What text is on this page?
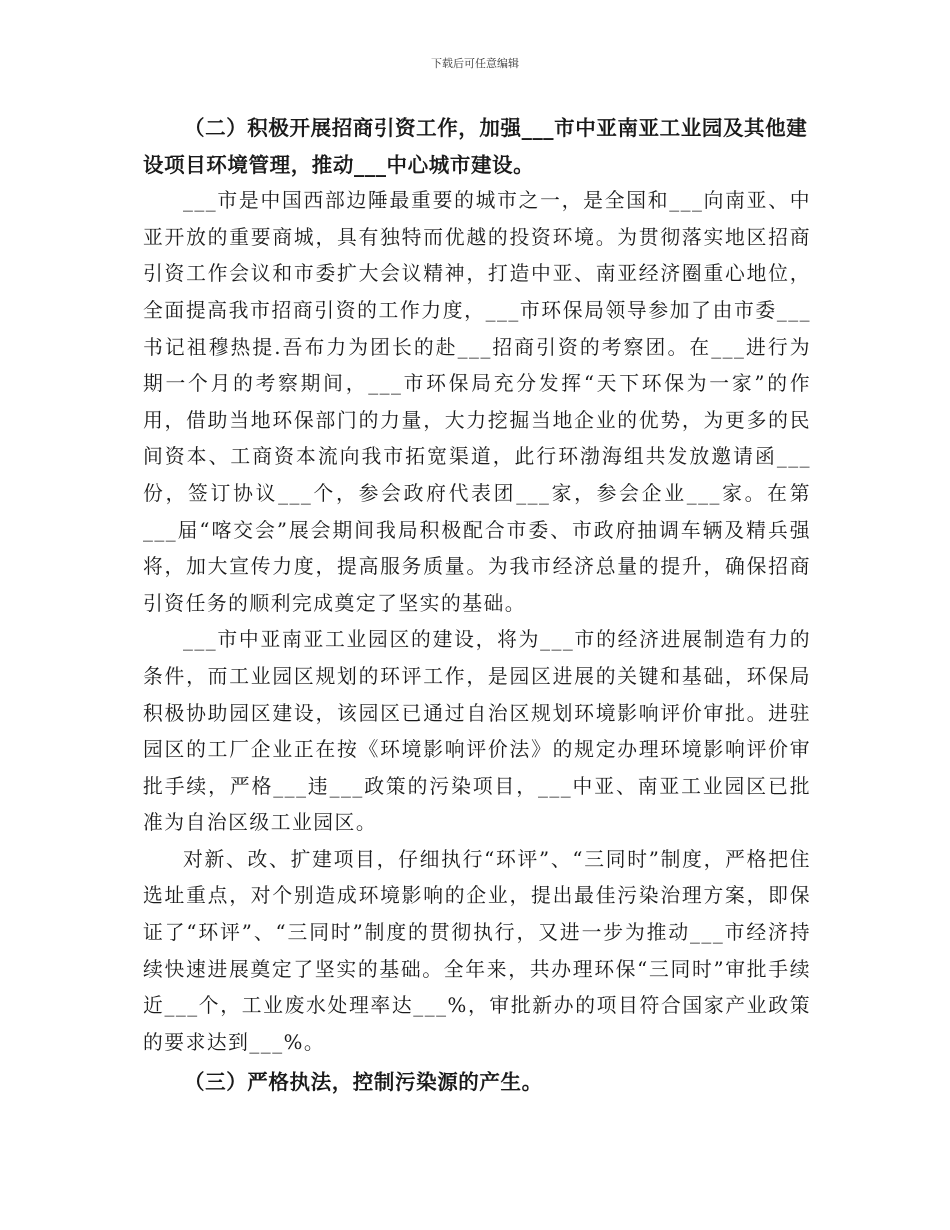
下载后可任意编辑

（二）积极开展招商引资工作，加强___市中亚南亚工业园及其他建设项目环境管理，推动___中心城市建设。

___市是中国西部边陲最重要的城市之一，是全国和___向南亚、中亚开放的重要商城，具有独特而优越的投资环境。为贯彻落实地区招商引资工作会议和市委扩大会议精神，打造中亚、南亚经济圈重心地位，全面提高我市招商引资的工作力度，___市环保局领导参加了由市委___书记祖穆热提.吾布力为团长的赴___招商引资的考察团。在___进行为期一个月的考察期间，___市环保局充分发挥“天下环保为一家”的作用，借助当地环保部门的力量，大力挖掘当地企业的优势，为更多的民间资本、工商资本流向我市拓宽渠道，此行环渤海组共发放邀请函___份，签订协议___个，参会政府代表团___家，参会企业___家。在第___届“喀交会”展会期间我局积极配合市委、市政府抽调车辆及精兵强将，加大宣传力度，提高服务质量。为我市经济总量的提升，确保招商引资任务的顺利完成奠定了坚实的基础。

___市中亚南亚工业园区的建设，将为___市的经济进展制造有力的条件，而工业园区规划的环评工作，是园区进展的关键和基础，环保局积极协助园区建设，该园区已通过自治区规划环境影响评价审批。进驻园区的工厂企业正在按《环境影响评价法》的规定办理环境影响评价审批手续，严格___违___政策的污染项目，___中亚、南亚工业园区已批准为自治区级工业园区。

对新、改、扩建项目，仔细执行“环评”、“三同时”制度，严格把住选址重点，对个别造成环境影响的企业，提出最佳污染治理方案，即保证了“环评”、“三同时”制度的贯彻执行，又进一步为推动___市经济持续快速进展奠定了坚实的基础。全年来，共办理环保“三同时”审批手续近___个，工业废水处理率达___%，审批新办的项目符合国家产业政策的要求达到___%。

（三）严格执法，控制污染源的产生。
